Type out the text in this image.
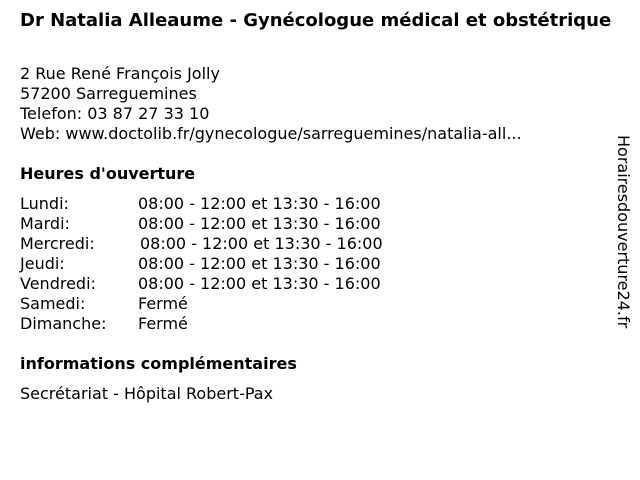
Dr Natalia Alleaume - Gynécologue médical et obstétrique
2 Rue René François Jolly
57200 Sarreguemines
Telefon: 03 87 27 33 10
Web: www.doctolib.fr/gynecologue/sarreguemines/natalia-all...
Heures d'ouverture
Lundi:	08:00 - 12:00 et 13:30 - 16:00
Mardi:	08:00 - 12:00 et 13:30 - 16:00
Mercredi:	08:00 - 12:00 et 13:30 - 16:00
Jeudi:	08:00 - 12:00 et 13:30 - 16:00
Vendredi:	08:00 - 12:00 et 13:30 - 16:00
Samedi:	Fermé
Dimanche:	Fermé
informations complémentaires
Secrétariat - Hôpital Robert-Pax
Horairesdouverture24.fr
